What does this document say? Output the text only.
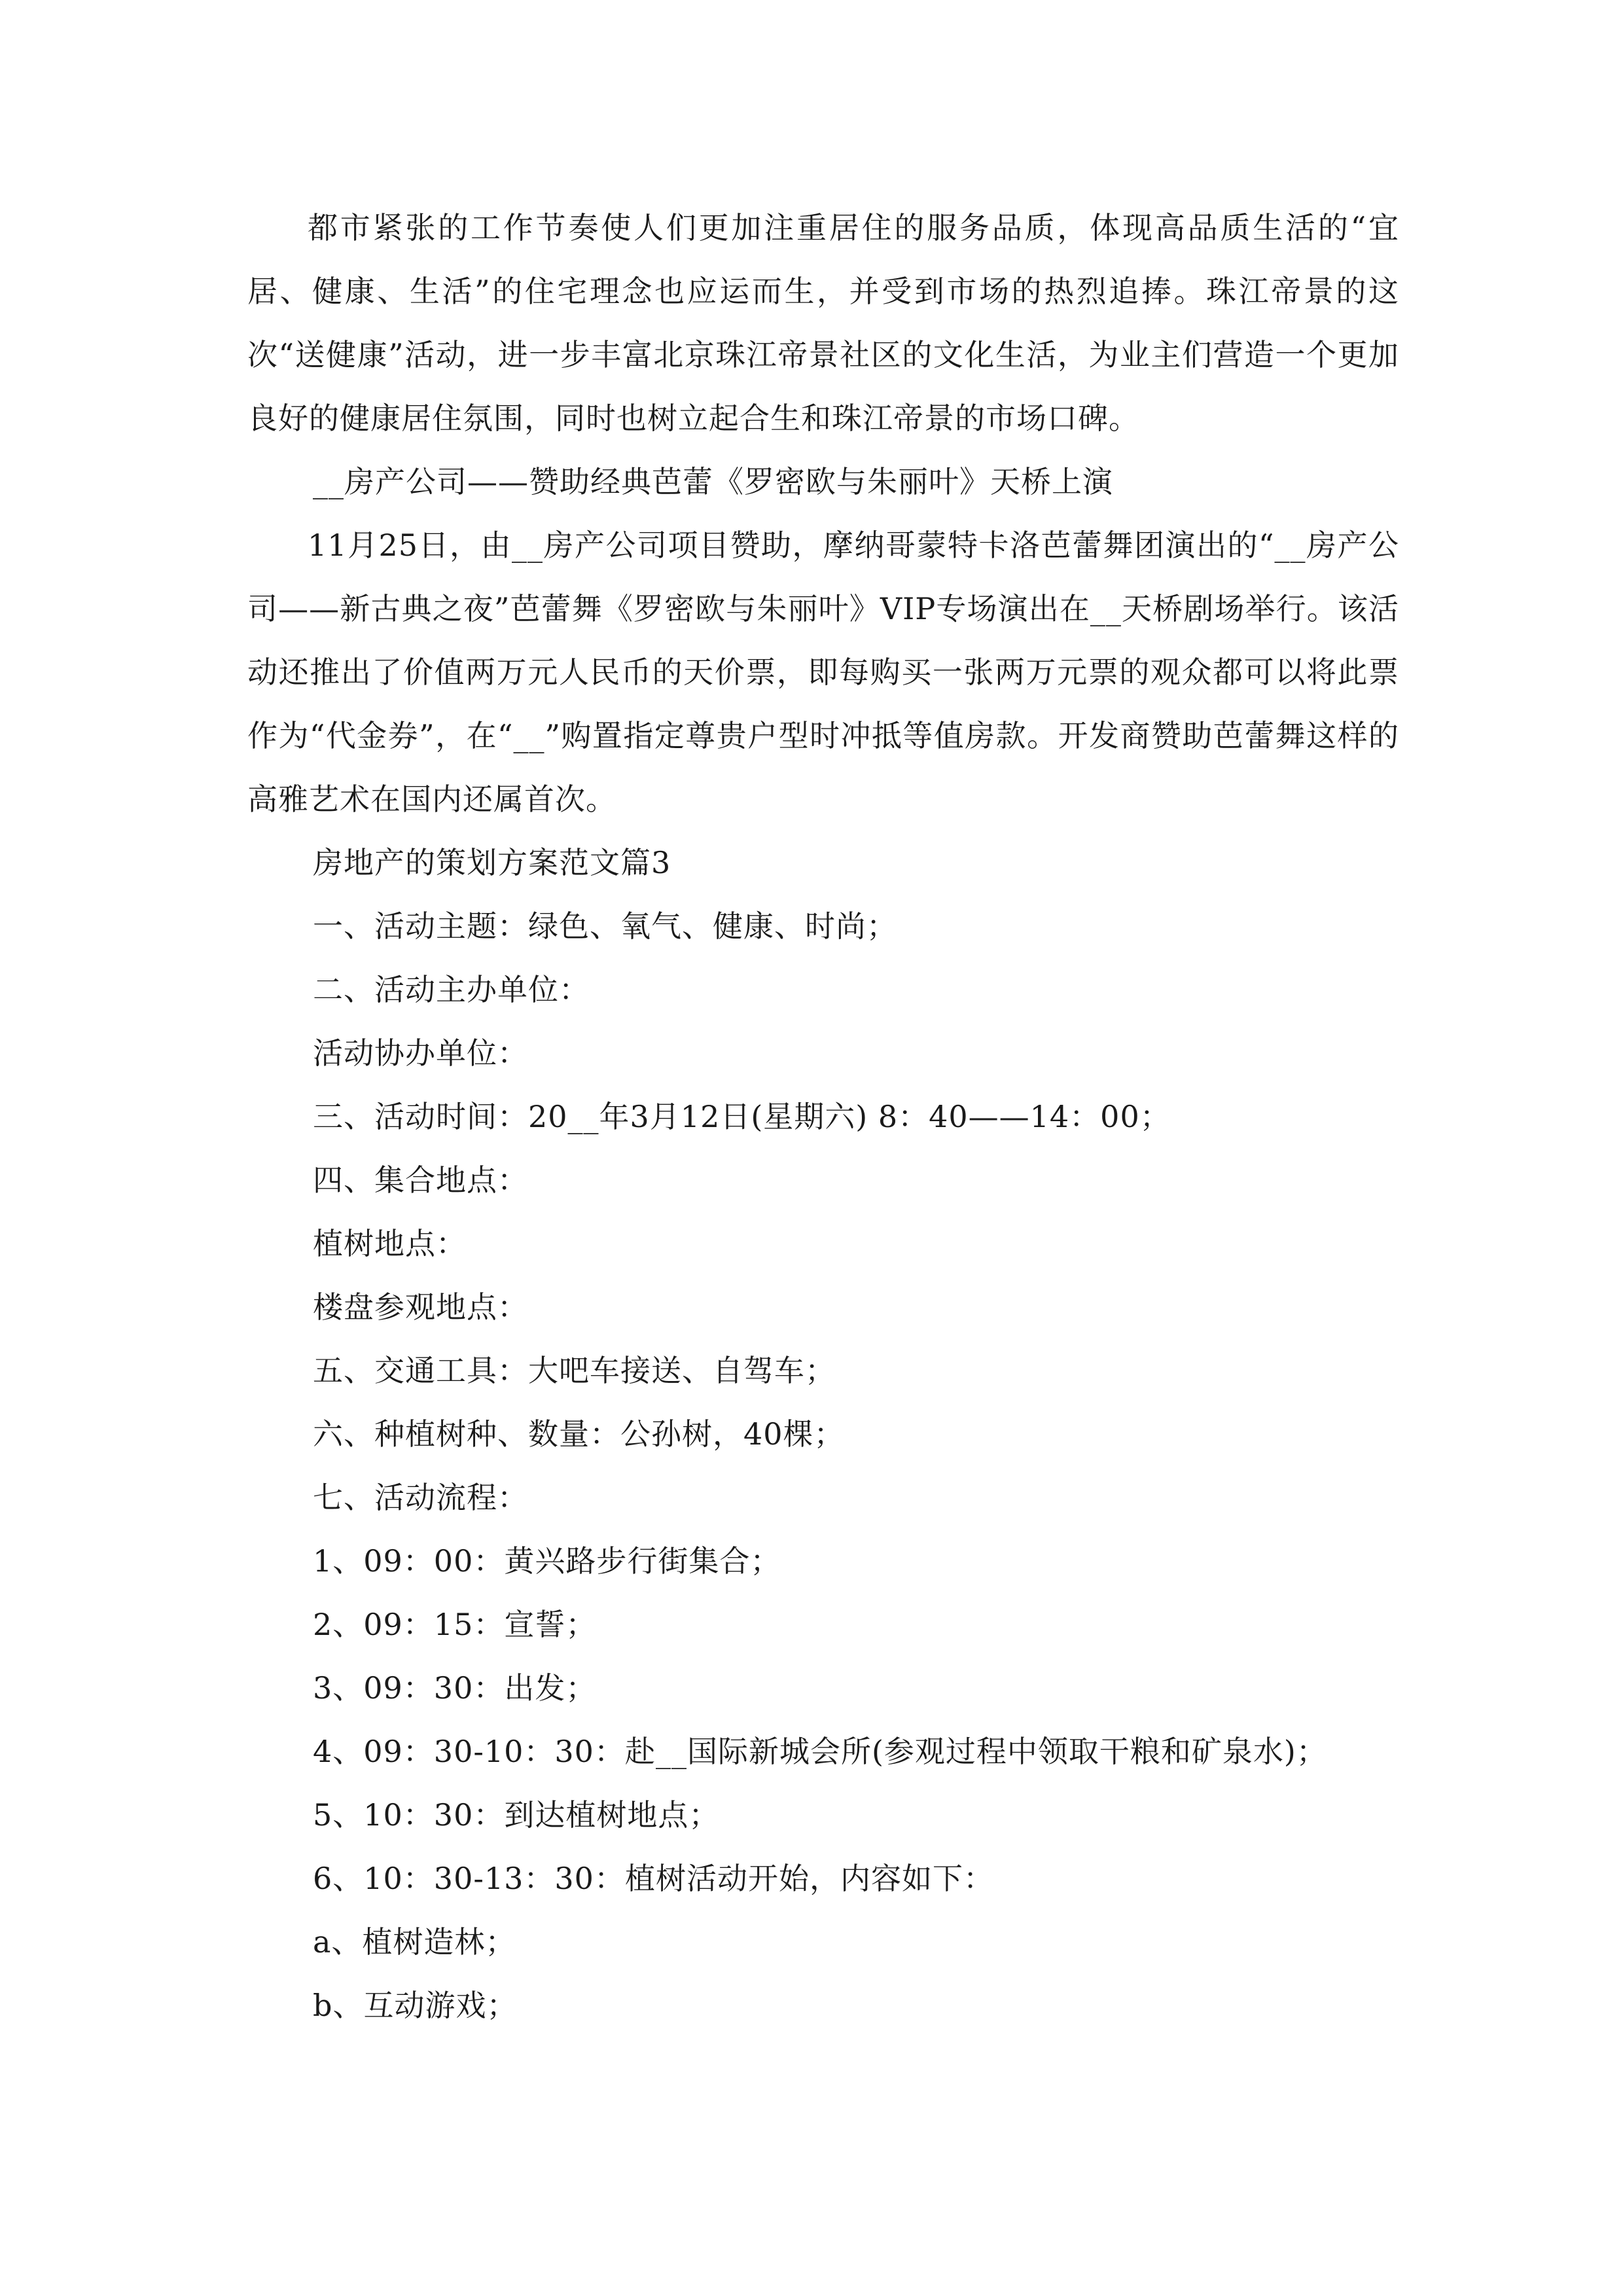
都市紧张的工作节奏使人们更加注重居住的服务品质，体现高品质生活的“宜居、健康、生活”的住宅理念也应运而生，并受到市场的热烈追捧。珠江帝景的这次“送健康”活动，进一步丰富北京珠江帝景社区的文化生活，为业主们营造一个更加良好的健康居住氛围，同时也树立起合生和珠江帝景的市场口碑。

__房产公司——赞助经典芭蕾《罗密欧与朱丽叶》天桥上演

11月25日，由__房产公司项目赞助，摩纳哥蒙特卡洛芭蕾舞团演出的“__房产公司——新古典之夜”芭蕾舞《罗密欧与朱丽叶》VIP专场演出在__天桥剧场举行。该活动还推出了价值两万元人民币的天价票，即每购买一张两万元票的观众都可以将此票作为“代金券”，在“__”购置指定尊贵户型时冲抵等值房款。开发商赞助芭蕾舞这样的高雅艺术在国内还属首次。

房地产的策划方案范文篇3

一、活动主题：绿色、氧气、健康、时尚；

二、活动主办单位：

活动协办单位：

三、活动时间：20__年3月12日(星期六) 8：40——14：00；

四、集合地点：

植树地点：

楼盘参观地点：

五、交通工具：大吧车接送、自驾车；

六、种植树种、数量：公孙树，40棵；

七、活动流程：

1、09：00：黄兴路步行街集合；

2、09：15：宣誓；

3、09：30：出发；

4、09：30-10：30：赴__国际新城会所(参观过程中领取干粮和矿泉水)；

5、10：30：到达植树地点；

6、10：30-13：30：植树活动开始，内容如下：

a、植树造林；

b、互动游戏；
